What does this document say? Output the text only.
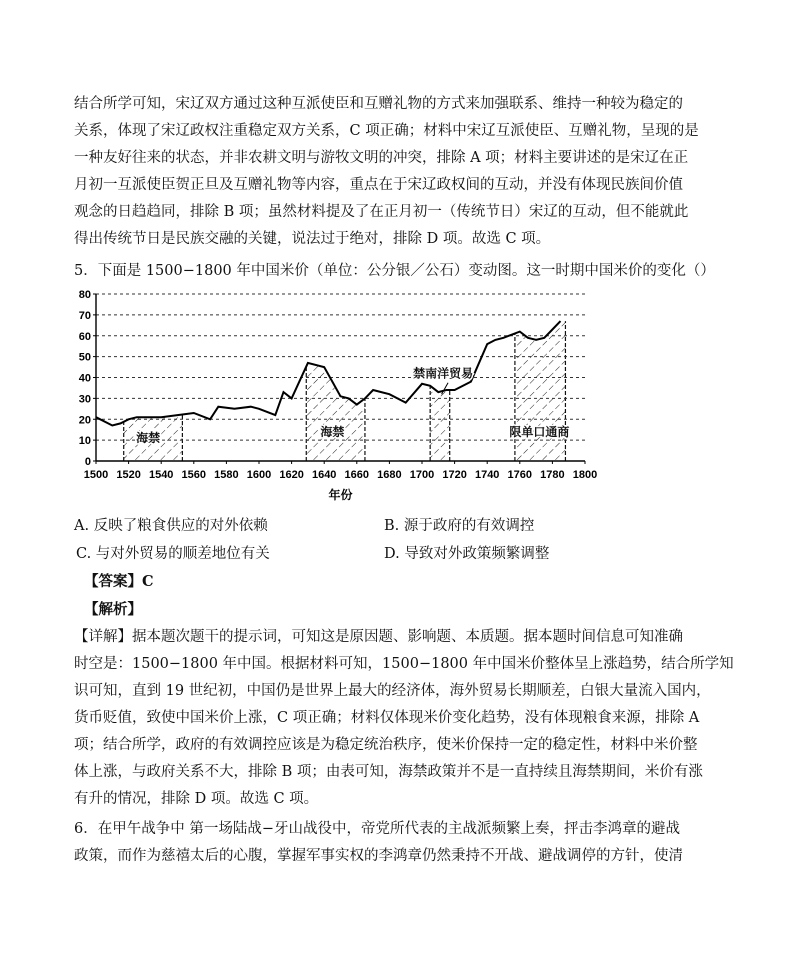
结合所学可知，宋辽双方通过这种互派使臣和互赠礼物的方式来加强联系、维持一种较为稳定的
关系，体现了宋辽政权注重稳定双方关系，C 项正确；材料中宋辽互派使臣、互赠礼物，呈现的是
一种友好往来的状态，并非农耕文明与游牧文明的冲突，排除 A 项；材料主要讲述的是宋辽在正
月初一互派使臣贺正旦及互赠礼物等内容，重点在于宋辽政权间的互动，并没有体现民族间价值
观念的日趋趋同，排除 B 项；虽然材料提及了在正月初一（传统节日）宋辽的互动，但不能就此
得出传统节日是民族交融的关键，说法过于绝对，排除 D 项。故选 C 项。
5．下面是 1500−1800 年中国米价（单位：公分银／公石）变动图。这一时期中国米价的变化（）
0
10
20
30
40
50
60
70
80
1500 1520 1540 1560 1580 1600 1620 1640 1660 1680 1700 1720 1740 1760 1780 1800
年份
海禁	海禁
禁南洋贸易
限单口通商
A. 反映了粮食供应的对外依赖	B. 源于政府的有效调控
C. 与对外贸易的顺差地位有关	D. 导致对外政策频繁调整
【答案】C
【解析】
【详解】据本题次题干的提示词，可知这是原因题、影响题、本质题。据本题时间信息可知准确
时空是：1500−1800 年中国。根据材料可知，1500−1800 年中国米价整体呈上涨趋势，结合所学知
识可知，直到 19 世纪初，中国仍是世界上最大的经济体，海外贸易长期顺差，白银大量流入国内，
货币贬值，致使中国米价上涨，C 项正确；材料仅体现米价变化趋势，没有体现粮食来源，排除 A
项；结合所学，政府的有效调控应该是为稳定统治秩序，使米价保持一定的稳定性，材料中米价整
体上涨，与政府关系不大，排除 B 项；由表可知，海禁政策并不是一直持续且海禁期间，米价有涨
有升的情况，排除 D 项。故选 C 项。
6．在甲午战争中 第一场陆战−牙山战役中，帝党所代表的主战派频繁上奏，抨击李鸿章的避战
政策，而作为慈禧太后的心腹，掌握军事实权的李鸿章仍然秉持不开战、避战调停的方针，使清
